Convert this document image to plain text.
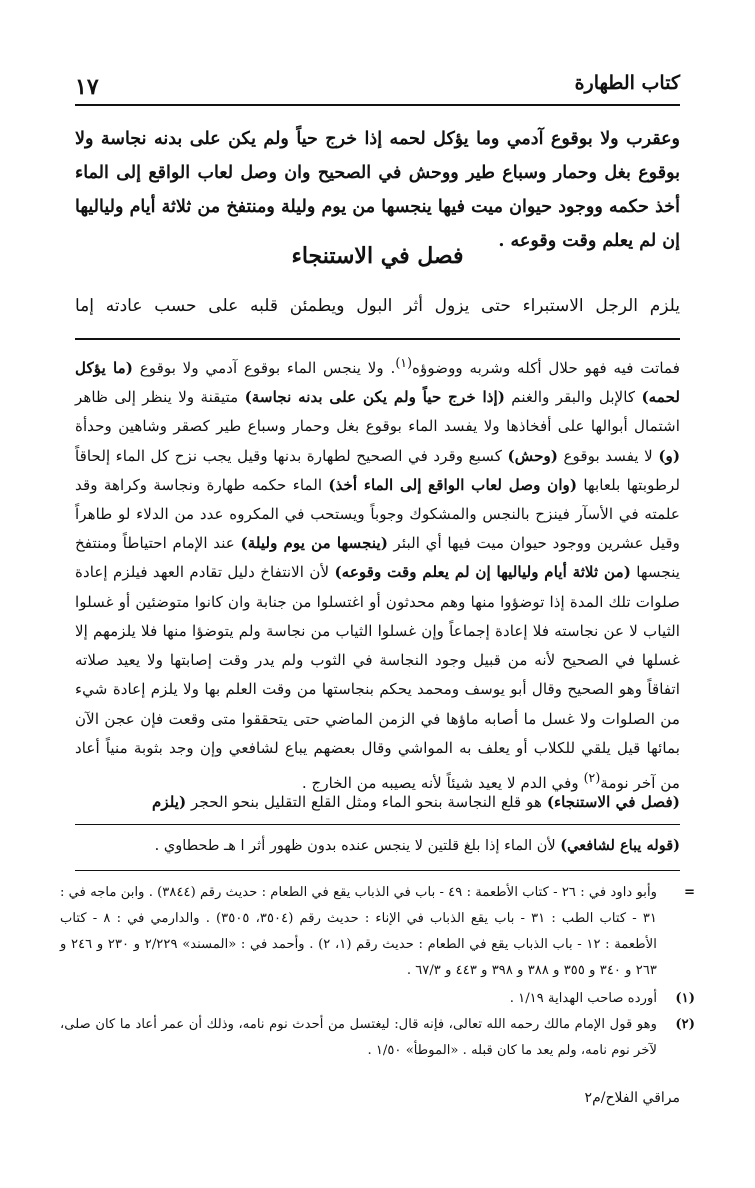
كتاب الطهارة
١٧

وعقرب ولا بوقوع آدمي وما يؤكل لحمه إذا خرج حياً ولم يكن على بدنه نجاسة ولا بوقوع بغل وحمار وسباع طير ووحش في الصحيح وان وصل لعاب الواقع إلى الماء أخذ حكمه ووجود حيوان ميت فيها ينجسها من يوم وليلة ومنتفخ من ثلاثة أيام ولياليها إن لم يعلم وقت وقوعه .

فصل في الاستنجاء
يلزم الرجل الاستبراء حتى يزول أثر البول ويطمئن قلبه على حسب عادته إما

فماتت فيه فهو حلال أكله وشربه ووضوؤه$^{(١)}$. ولا ينجس الماء بوقوع آدمي ولا بوقوع (ما يؤكل لحمه) كالإبل والبقر والغنم (إذا خرج حياً ولم يكن على بدنه نجاسة) متيقنة ولا ينظر إلى ظاهر اشتمال أبوالها على أفخاذها ولا يفسد الماء بوقوع بغل وحمار وسباع طير كصقر وشاهين وحدأة (و) لا يفسد بوقوع (وحش) كسبع وقرد في الصحيح لطهارة بدنها وقيل يجب نزح كل الماء إلحاقاً لرطوبتها بلعابها (وان وصل لعاب الواقع إلى الماء أخذ) الماء حكمه طهارة ونجاسة وكراهة وقد علمته في الأسآر فينزح بالنجس والمشكوك وجوباً ويستحب في المكروه عدد من الدلاء لو طاهراً وقيل عشرين ووجود حيوان ميت فيها أي البئر (ينجسها من يوم وليلة) عند الإمام احتياطاً ومنتفخ ينجسها (من ثلاثة أيام ولياليها إن لم يعلم وقت وقوعه) لأن الانتفاخ دليل تقادم العهد فيلزم إعادة صلوات تلك المدة إذا توضؤوا منها وهم محدثون أو اغتسلوا من جنابة وان كانوا متوضئين أو غسلوا الثياب لا عن نجاسته فلا إعادة إجماعاً وإن غسلوا الثياب من نجاسة ولم يتوضؤا منها فلا يلزمهم إلا غسلها في الصحيح لأنه من قبيل وجود النجاسة في الثوب ولم يدر وقت إصابتها ولا يعيد صلاته اتفاقاً وهو الصحيح وقال أبو يوسف ومحمد يحكم بنجاستها من وقت العلم بها ولا يلزم إعادة شيء من الصلوات ولا غسل ما أصابه ماؤها في الزمن الماضي حتى يتحققوا متى وقعت فإن عجن الآن بمائها قيل يلقي للكلاب أو يعلف به المواشي وقال بعضهم يباع لشافعي وإن وجد بثوبة منياً أعاد من آخر نومة$^{(٢)}$ وفي الدم لا يعيد شيئاً لأنه يصيبه من الخارج .

(فصل في الاستنجاء) هو قلع النجاسة بنحو الماء ومثل القلع التقليل بنحو الحجر (يلزم
(قوله يباع لشافعي) لأن الماء إذا بلغ قلتين لا ينجس عنده بدون ظهور أثر ا هـ طحطاوي .
=
وأبو داود في : ٢٦ - كتاب الأطعمة : ٤٩ - باب في الذباب يقع في الطعام : حديث رقم (٣٨٤٤) . وابن ماجه في : ٣١ - كتاب الطب : ٣١ - باب يقع الذباب في الإناء : حديث رقم (٣٥٠٤، ٣٥٠٥) . والدارمي في : ٨ - كتاب الأطعمة : ١٢ - باب الذباب يقع في الطعام : حديث رقم (١، ٢) . وأحمد في : «المسند» ٢/٢٢٩ و ٢٣٠ و ٢٤٦ و ٢٦٣ و ٣٤٠ و ٣٥٥ و ٣٨٨ و ٣٩٨ و ٤٤٣ و ٦٧/٣ .
(١)
أورده صاحب الهداية ١/١٩ .
(٢)
وهو قول الإمام مالك رحمه الله تعالى، فإنه قال: ليغتسل من أحدث نوم نامه، وذلك أن عمر أعاد ما كان صلى، لآخر نوم نامه، ولم يعد ما كان قبله . «الموطأ» ١/٥٠ .
مراقي الفلاح/م٢
